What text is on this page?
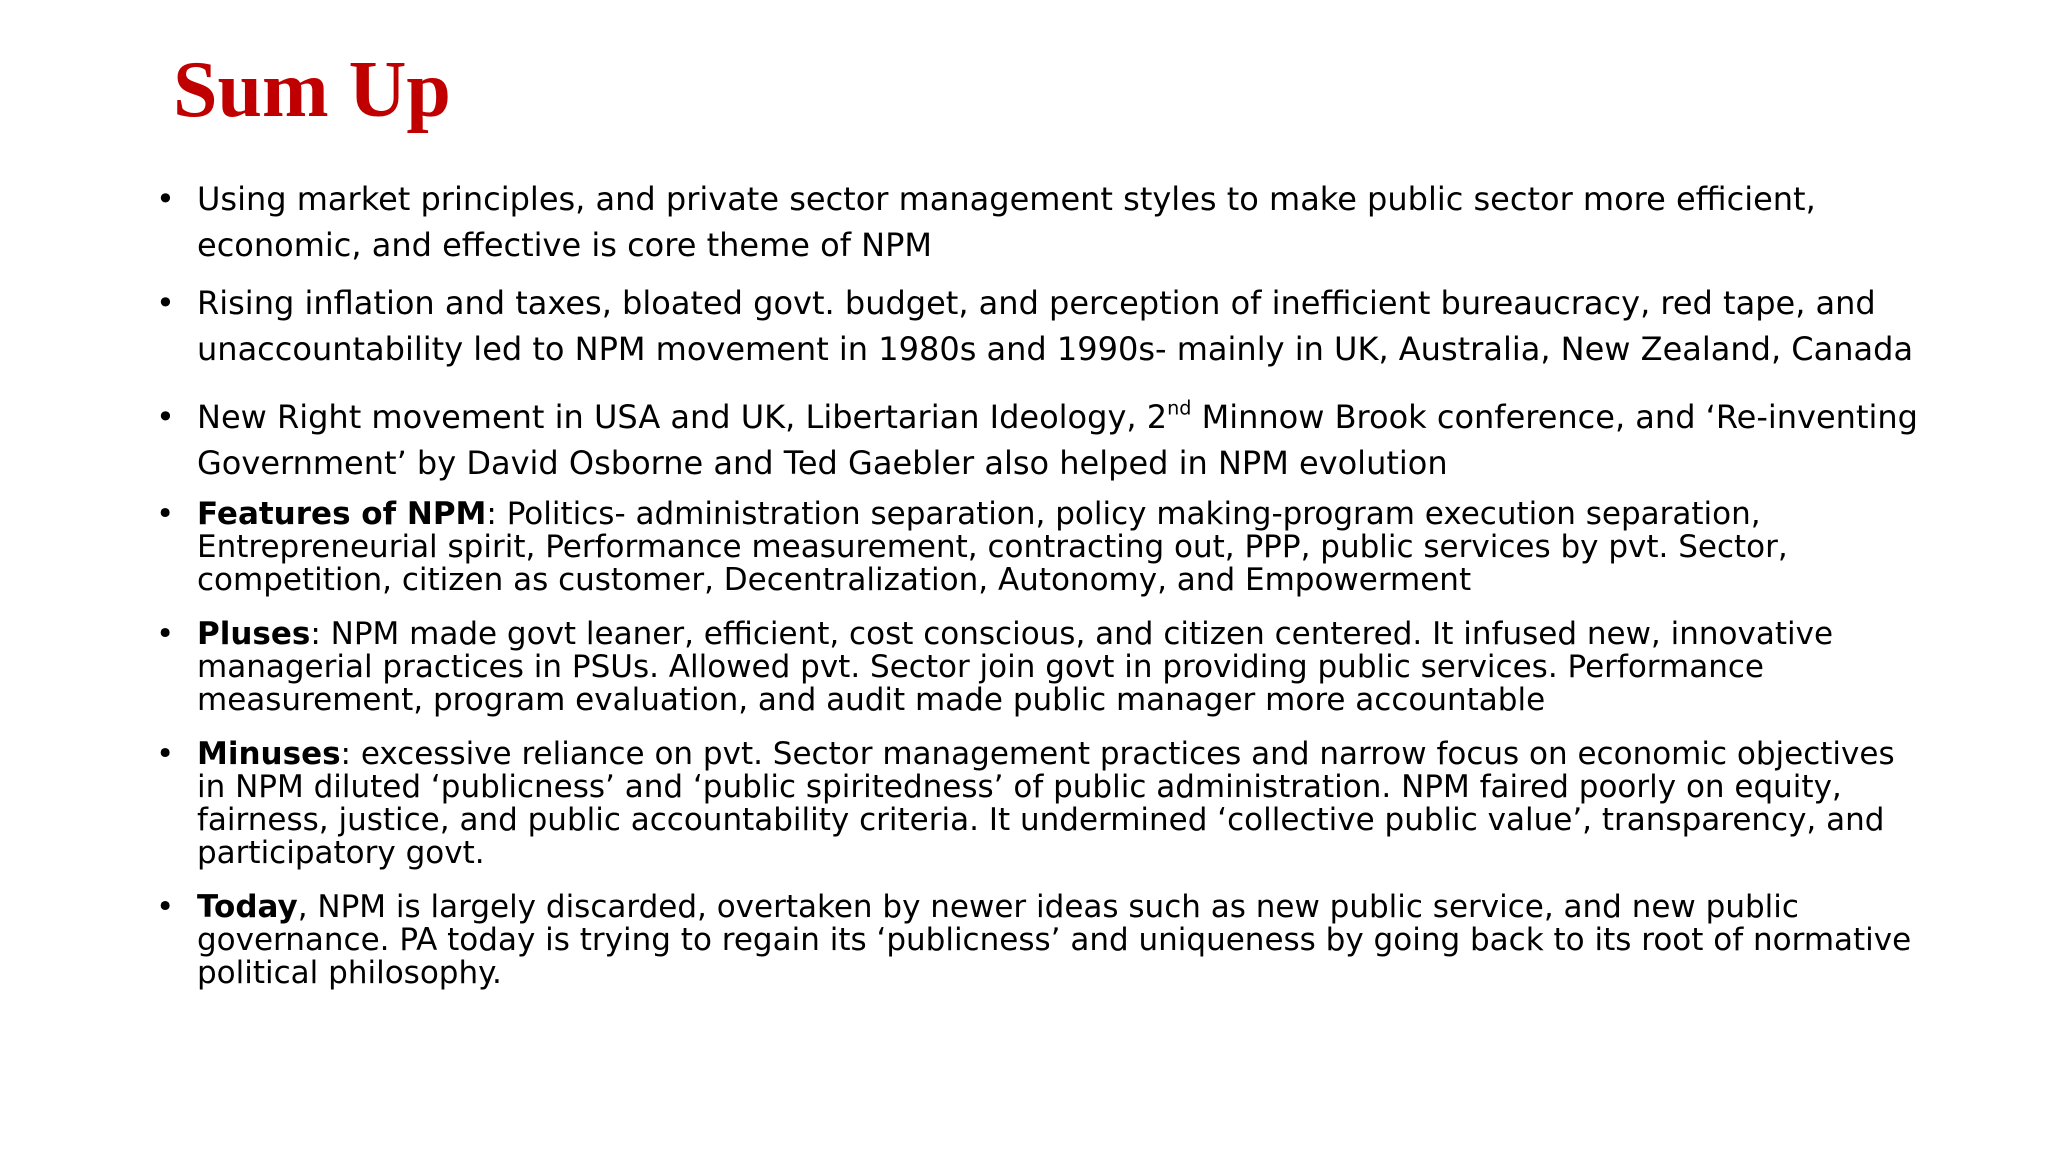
Sum Up
• Using market principles, and private sector management styles to make public sector more efficient, economic, and effective is core theme of NPM
• Rising inflation and taxes, bloated govt. budget, and perception of inefficient bureaucracy, red tape, and unaccountability led to NPM movement in 1980s and 1990s- mainly in UK, Australia, New Zealand, Canada
• New Right movement in USA and UK, Libertarian Ideology, 2nd Minnow Brook conference, and ‘Re-inventing Government’ by David Osborne and Ted Gaebler also helped in NPM evolution
• Features of NPM: Politics- administration separation, policy making-program execution separation, Entrepreneurial spirit, Performance measurement, contracting out, PPP, public services by pvt. Sector, competition, citizen as customer, Decentralization, Autonomy, and Empowerment
• Pluses: NPM made govt leaner, efficient, cost conscious, and citizen centered. It infused new, innovative managerial practices in PSUs. Allowed pvt. Sector join govt in providing public services. Performance measurement, program evaluation, and audit made public manager more accountable
• Minuses: excessive reliance on pvt. Sector management practices and narrow focus on economic objectives in NPM diluted ‘publicness’ and ‘public spiritedness’ of public administration. NPM faired poorly on equity, fairness, justice, and public accountability criteria. It undermined ‘collective public value’, transparency, and participatory govt.
• Today, NPM is largely discarded, overtaken by newer ideas such as new public service, and new public governance. PA today is trying to regain its ‘publicness’ and uniqueness by going back to its root of normative political philosophy.
